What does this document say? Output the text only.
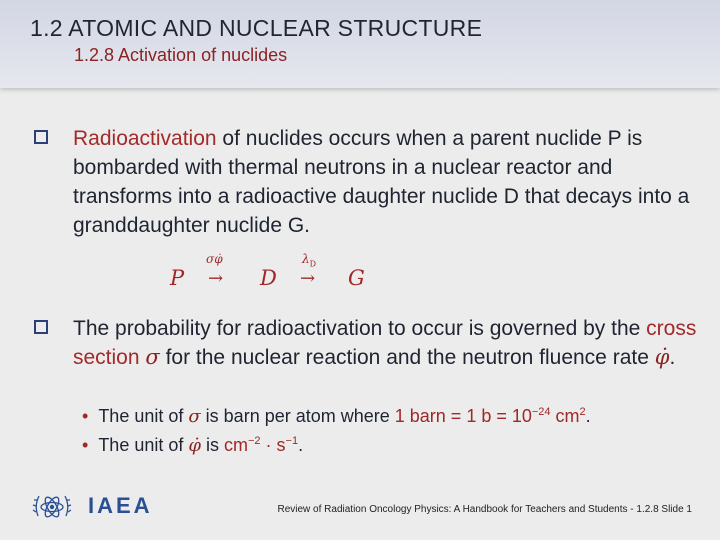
1.2 ATOMIC AND NUCLEAR STRUCTURE
1.2.8 Activation of nuclides
Radioactivation of nuclides occurs when a parent nuclide P is bombarded with thermal neutrons in a nuclear reactor and transforms into a radioactive daughter nuclide D that decays into a granddaughter nuclide G.
σφ̇	$\lambda_D$
P → D → G
The probability for radioactivation to occur is governed by the cross section σ for the nuclear reaction and the neutron fluence rate φ̇.
• The unit of σ is barn per atom where 1 barn = 1 $b = 10^{-24}$ $cm^2$.
• The unit of φ̇ is $cm^{-2} \cdot s^{-1}$.
IAEA	Review of Radiation Oncology Physics: A Handbook for Teachers and Students - 1.2.8 Slide 1
